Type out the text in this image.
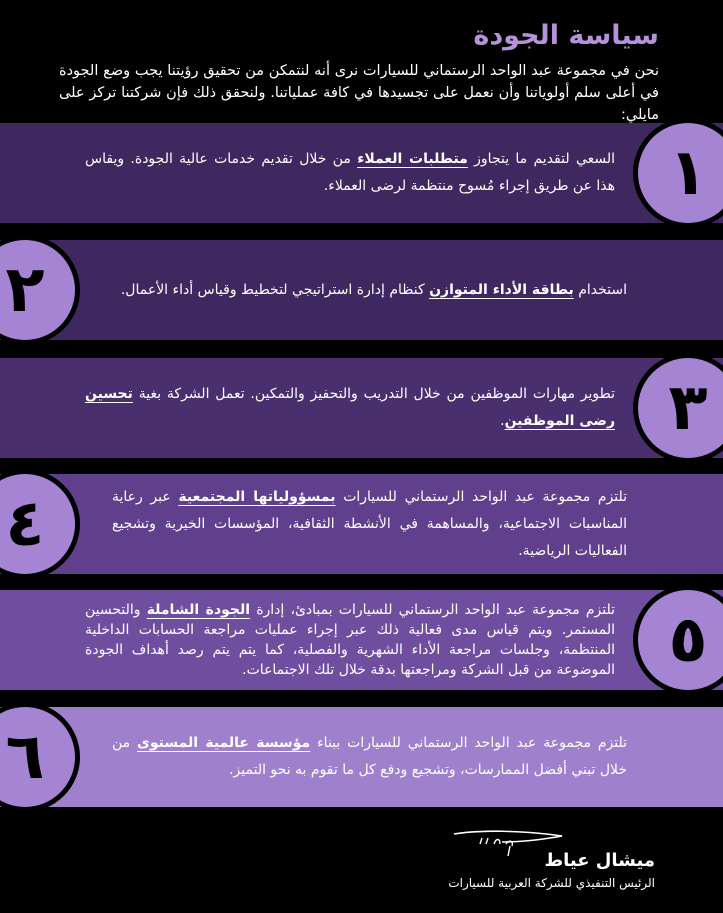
سياسة الجودة

نحن في مجموعة عبد الواحد الرستماني للسيارات نرى أنه لنتمكن من تحقيق رؤيتنا يجب وضع الجودة في أعلى سلم أولوياتنا وأن نعمل على تجسيدها في كافة عملياتنا. ولنحقق ذلك فإن شركتنا تركز على مايلي:

السعي لتقديم ما يتجاوز متطلبات العملاء من خلال تقديم خدمات عالية الجودة. ويقاس هذا عن طريق إجراء مُسوح منتظمة لرضى العملاء. ١
استخدام بطاقة الأداء المتوازن كنظام إدارة استراتيجي لتخطيط وقياس أداء الأعمال.
٢
تطوير مهارات الموظفين من خلال التدريب والتحفيز والتمكين. تعمل الشركة بغية تحسين رضى الموظفين.	٣
تلتزم مجموعة عبد الواحد الرستماني للسيارات بمسؤولياتها المجتمعية عبر رعاية المناسبات الاجتماعية، والمساهمة في الأنشطة الثقافية، المؤسسات الخيرية وتشجيع الفعاليات الرياضية.
٤
تلتزم مجموعة عبد الواحد الرستماني للسيارات بمبادئ، إدارة الجودة الشاملة والتحسين المستمر. ويتم قياس مدى فعالية ذلك عبر إجراء عمليات مراجعة الحسابات الداخلية المنتظمة، وجلسات مراجعة الأداء الشهرية والفصلية، كما يتم يتم رصد أهداف الجودة الموضوعة من قبل الشركة ومراجعتها بدقة خلال تلك الاجتماعات. ٥
تلتزم مجموعة عبد الواحد الرستماني للسيارات ببناء مؤسسة عالمية المستوى من خلال تبني أفضل الممارسات، وتشجيع ودفع كل ما تقوم به نحو التميز.
٦

ميشال عياط

الرئيس التنفيذي للشركة العربية للسيارات
